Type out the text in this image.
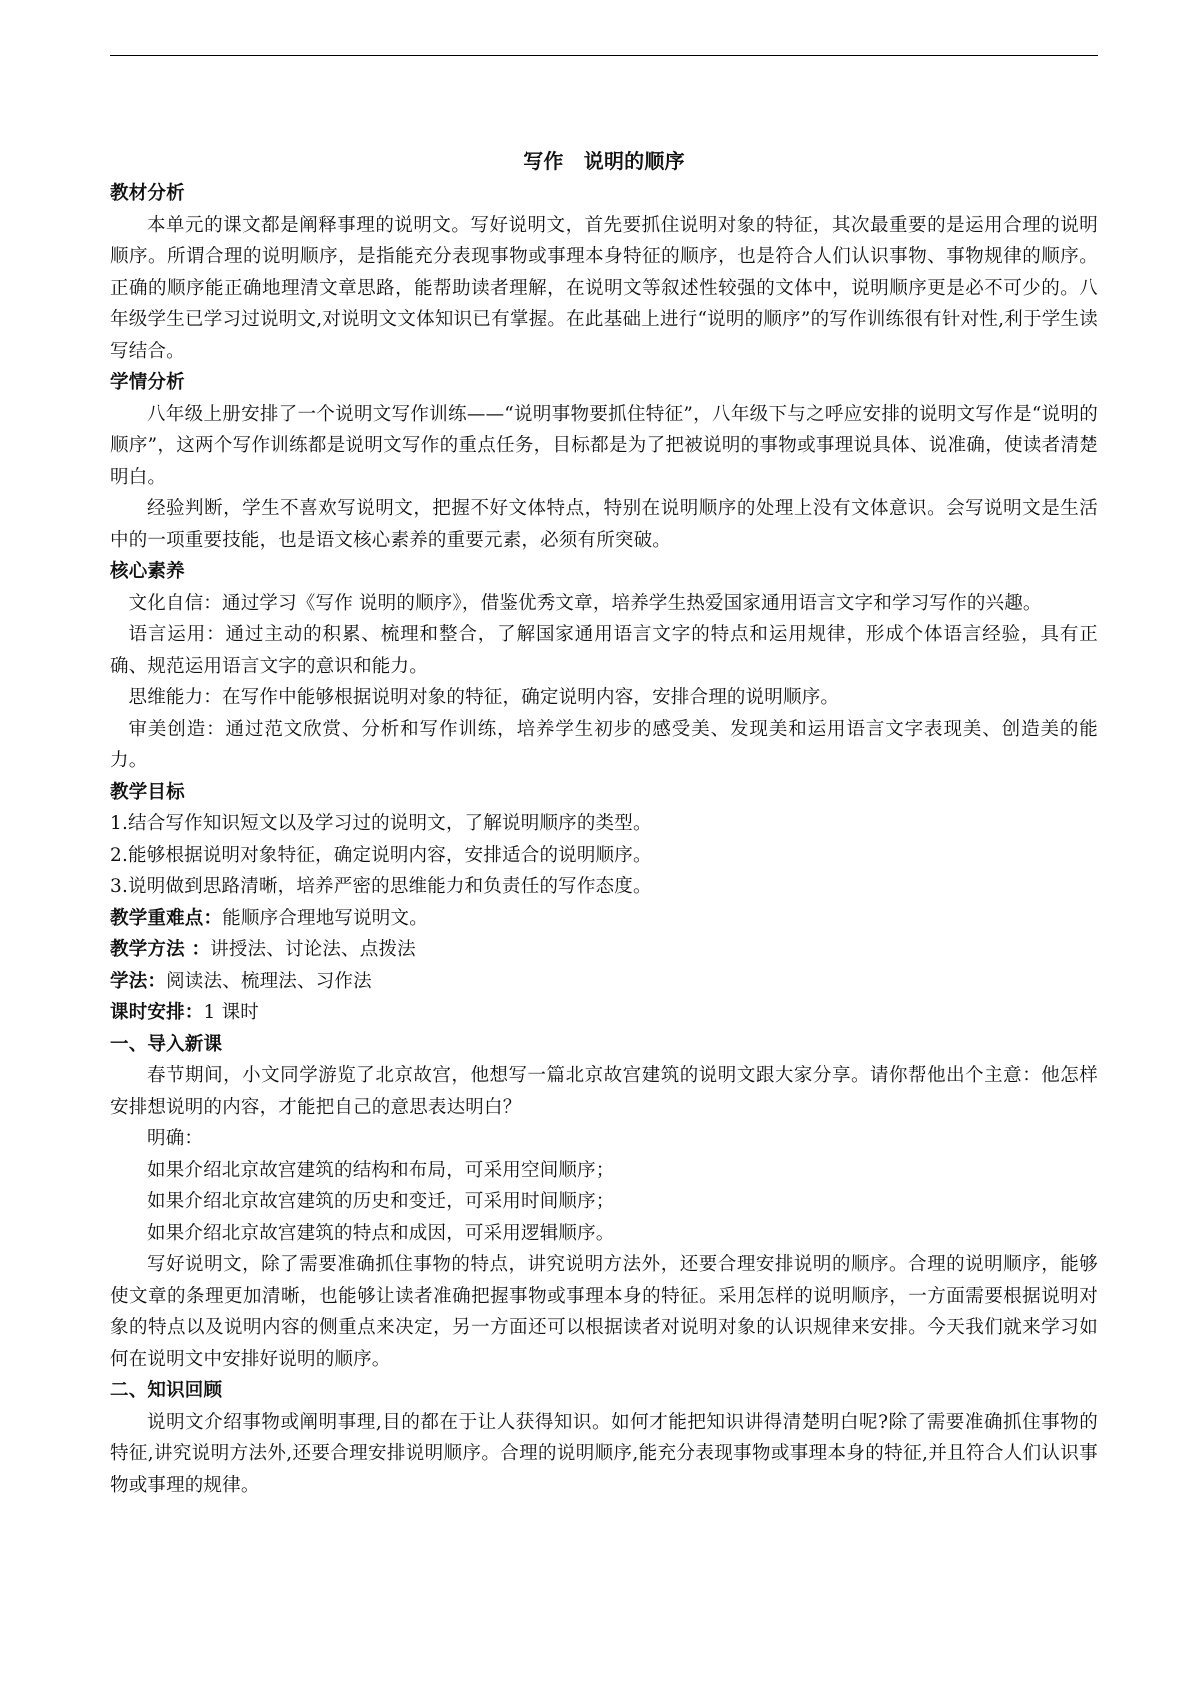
写作　说明的顺序
教材分析

本单元的课文都是阐释事理的说明文。写好说明文，首先要抓住说明对象的特征，其次最重要的是运用合理的说明顺序。所谓合理的说明顺序，是指能充分表现事物或事理本身特征的顺序，也是符合人们认识事物、事物规律的顺序。正确的顺序能正确地理清文章思路，能帮助读者理解，在说明文等叙述性较强的文体中，说明顺序更是必不可少的。八年级学生已学习过说明文,对说明文文体知识已有掌握。在此基础上进行“说明的顺序”的写作训练很有针对性,利于学生读写结合。

学情分析

八年级上册安排了一个说明文写作训练——“说明事物要抓住特征”，八年级下与之呼应安排的说明文写作是“说明的顺序”，这两个写作训练都是说明文写作的重点任务，目标都是为了把被说明的事物或事理说具体、说准确，使读者清楚明白。

经验判断，学生不喜欢写说明文，把握不好文体特点，特别在说明顺序的处理上没有文体意识。会写说明文是生活中的一项重要技能，也是语文核心素养的重要元素，必须有所突破。

核心素养

文化自信：通过学习《写作 说明的顺序》，借鉴优秀文章，培养学生热爱国家通用语言文字和学习写作的兴趣。

语言运用：通过主动的积累、梳理和整合，了解国家通用语言文字的特点和运用规律，形成个体语言经验，具有正确、规范运用语言文字的意识和能力。

思维能力：在写作中能够根据说明对象的特征，确定说明内容，安排合理的说明顺序。

审美创造：通过范文欣赏、分析和写作训练，培养学生初步的感受美、发现美和运用语言文字表现美、创造美的能力。

教学目标

1.结合写作知识短文以及学习过的说明文，了解说明顺序的类型。

2.能够根据说明对象特征，确定说明内容，安排适合的说明顺序。

3.说明做到思路清晰，培养严密的思维能力和负责任的写作态度。

教学重难点：能顺序合理地写说明文。

教学方法 ：讲授法、讨论法、点拨法

学法：阅读法、梳理法、习作法

课时安排：1 课时

一、导入新课

春节期间，小文同学游览了北京故宫，他想写一篇北京故宫建筑的说明文跟大家分享。请你帮他出个主意：他怎样安排想说明的内容，才能把自己的意思表达明白？

明确：

如果介绍北京故宫建筑的结构和布局，可采用空间顺序；

如果介绍北京故宫建筑的历史和变迁，可采用时间顺序；

如果介绍北京故宫建筑的特点和成因，可采用逻辑顺序。

写好说明文，除了需要准确抓住事物的特点，讲究说明方法外，还要合理安排说明的顺序。合理的说明顺序，能够使文章的条理更加清晰，也能够让读者准确把握事物或事理本身的特征。采用怎样的说明顺序，一方面需要根据说明对象的特点以及说明内容的侧重点来决定，另一方面还可以根据读者对说明对象的认识规律来安排。今天我们就来学习如何在说明文中安排好说明的顺序。

二、知识回顾

说明文介绍事物或阐明事理,目的都在于让人获得知识。如何才能把知识讲得清楚明白呢?除了需要准确抓住事物的特征,讲究说明方法外,还要合理安排说明顺序。合理的说明顺序,能充分表现事物或事理本身的特征,并且符合人们认识事物或事理的规律。
